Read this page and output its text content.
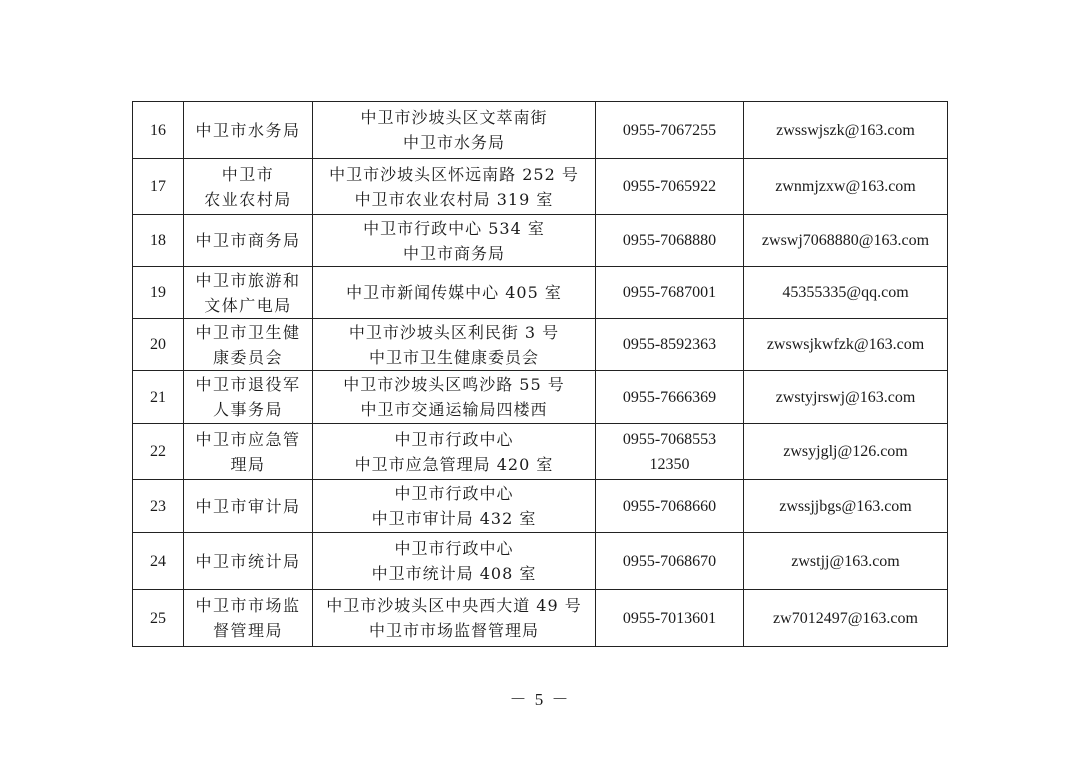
16	中卫市水务局	中卫市沙坡头区文萃南街
中卫市水务局	0955-7067255	zwsswjszk@163.com

17	中卫市
农业农村局	中卫市沙坡头区怀远南路 252 号
中卫市农业农村局 319 室	0955-7065922	zwnmjzxw@163.com

18	中卫市商务局	中卫市行政中心 534 室
中卫市商务局	0955-7068880	zwswj7068880@163.com

19	中卫市旅游和
文体广电局	中卫市新闻传媒中心 405 室	0955-7687001	45355335@qq.com

20	中卫市卫生健
康委员会	中卫市沙坡头区利民街 3 号
中卫市卫生健康委员会	0955-8592363	zwswsjkwfzk@163.com

21	中卫市退役军
人事务局	中卫市沙坡头区鸣沙路 55 号
中卫市交通运输局四楼西	0955-7666369	zwstyjrswj@163.com

22	中卫市应急管
理局	中卫市行政中心
中卫市应急管理局 420 室	0955-7068553
12350	zwsyjglj@126.com

23	中卫市审计局	中卫市行政中心
中卫市审计局 432 室	0955-7068660	zwssjjbgs@163.com

24	中卫市统计局	中卫市行政中心
中卫市统计局 408 室	0955-7068670	zwstjj@163.com

25	中卫市市场监
督管理局	中卫市沙坡头区中央西大道 49 号
中卫市市场监督管理局	0955-7013601	zw7012497@163.com
－ 5 －
